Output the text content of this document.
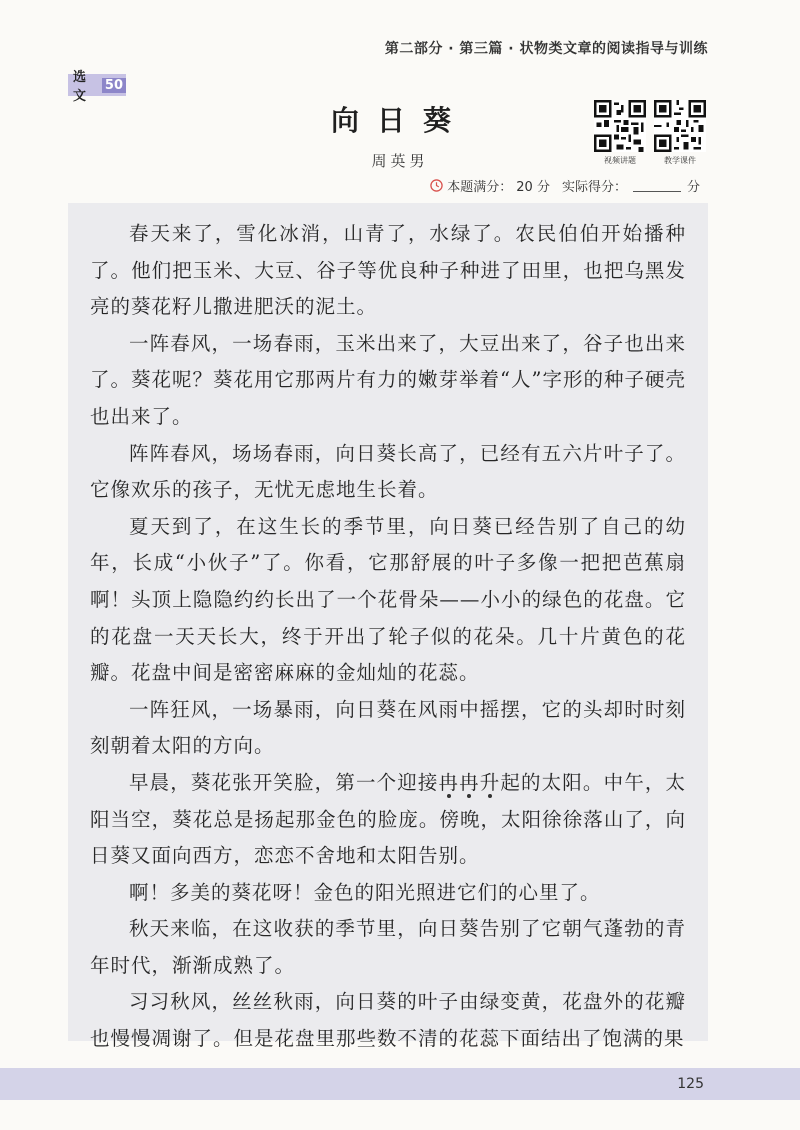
第二部分 · 第三篇 · 状物类文章的阅读指导与训练
选文
50
向日葵
周英男	视频讲题	教学课件
本题满分： 20 分 实际得分：	分

春天来了，雪化冰消，山青了，水绿了。农民伯伯开始播种了。他们把玉米、大豆、谷子等优良种子种进了田里，也把乌黑发亮的葵花籽儿撒进肥沃的泥土。

一阵春风，一场春雨，玉米出来了，大豆出来了，谷子也出来了。葵花呢？葵花用它那两片有力的嫩芽举着“人”字形的种子硬壳也出来了。

阵阵春风，场场春雨，向日葵长高了，已经有五六片叶子了。它像欢乐的孩子，无忧无虑地生长着。

夏天到了，在这生长的季节里，向日葵已经告别了自己的幼年，长成“小伙子”了。你看，它那舒展的叶子多像一把把芭蕉扇啊！头顶上隐隐约约长出了一个花骨朵——小小的绿色的花盘。它的花盘一天天长大，终于开出了轮子似的花朵。几十片黄色的花瓣。花盘中间是密密麻麻的金灿灿的花蕊。

一阵狂风，一场暴雨，向日葵在风雨中摇摆，它的头却时时刻刻朝着太阳的方向。

早晨，葵花张开笑脸，第一个迎接冉冉升起的太阳。中午，太阳当空，葵花总是扬起那金色的脸庞。傍晚，太阳徐徐落山了，向日葵又面向西方，恋恋不舍地和太阳告别。

啊！多美的葵花呀！金色的阳光照进它们的心里了。

秋天来临，在这收获的季节里，向日葵告别了它朝气蓬勃的青年时代，渐渐成熟了。

习习秋风，丝丝秋雨，向日葵的叶子由绿变黄，花盘外的花瓣也慢慢凋谢了。但是花盘里那些数不清的花蕊下面结出了饱满的果

125
